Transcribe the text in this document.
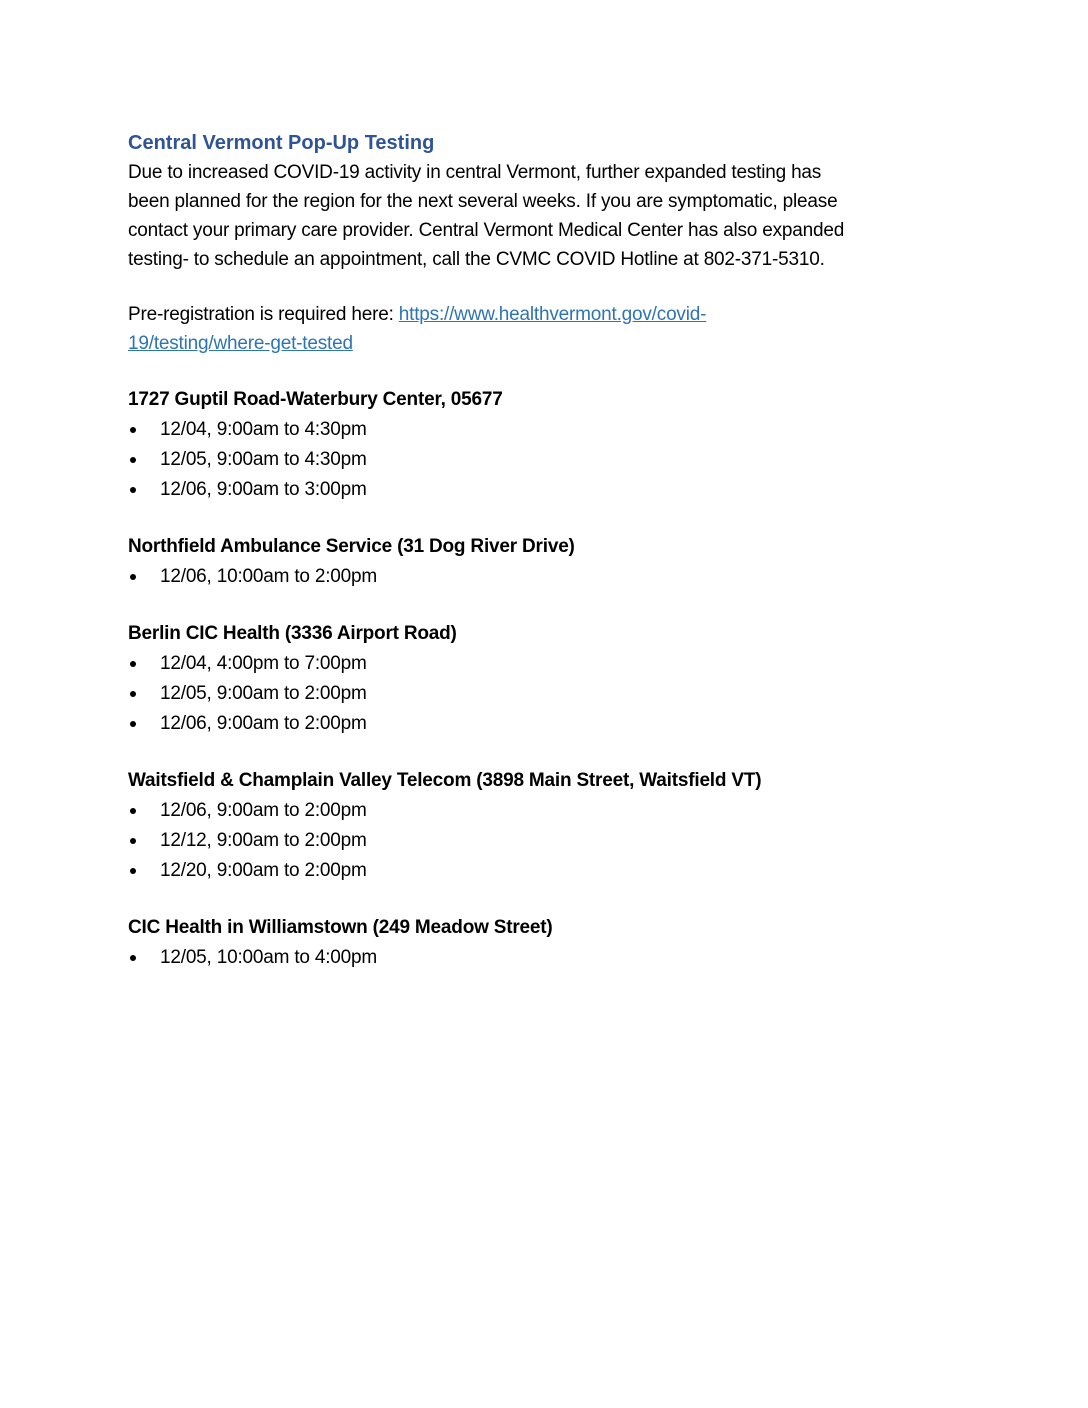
Central Vermont Pop-Up Testing

Due to increased COVID-19 activity in central Vermont, further expanded testing has
been planned for the region for the next several weeks. If you are symptomatic, please
contact your primary care provider. Central Vermont Medical Center has also expanded
testing- to schedule an appointment, call the CVMC COVID Hotline at 802-371-5310.

Pre-registration is required here: https://www.healthvermont.gov/covid-
19/testing/where-get-tested

1727 Guptil Road-Waterbury Center, 05677
12/04, 9:00am to 4:30pm
12/05, 9:00am to 4:30pm
12/06, 9:00am to 3:00pm
Northfield Ambulance Service (31 Dog River Drive)
12/06, 10:00am to 2:00pm
Berlin CIC Health (3336 Airport Road)
12/04, 4:00pm to 7:00pm
12/05, 9:00am to 2:00pm
12/06, 9:00am to 2:00pm
Waitsfield & Champlain Valley Telecom (3898 Main Street, Waitsfield VT)
12/06, 9:00am to 2:00pm
12/12, 9:00am to 2:00pm
12/20, 9:00am to 2:00pm
CIC Health in Williamstown (249 Meadow Street)
12/05, 10:00am to 4:00pm
